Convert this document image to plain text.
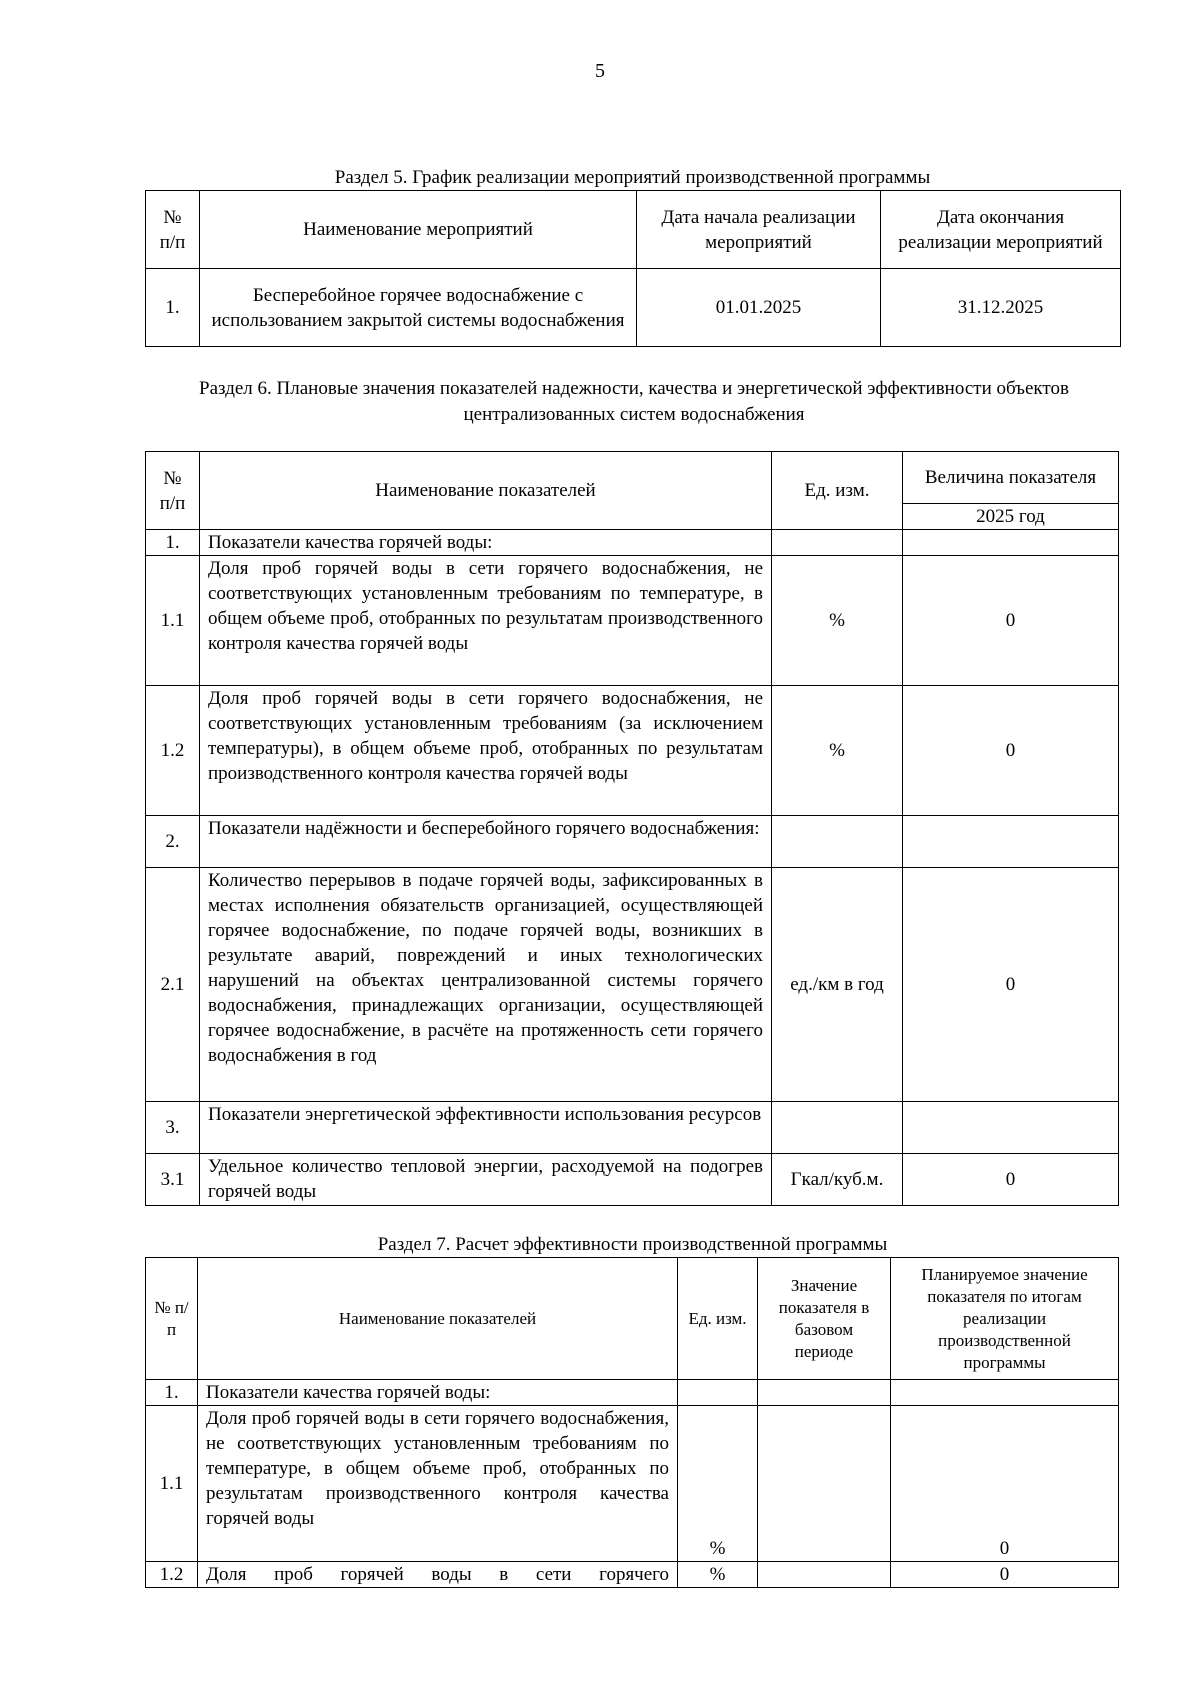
5
Раздел 5. График реализации мероприятий производственной программы
№ п/п	Наименование мероприятий	Дата начала реализации мероприятий	Дата окончания реализации мероприятий
1.	Бесперебойное горячее водоснабжение с использованием закрытой системы водоснабжения	01.01.2025	31.12.2025
Раздел 6. Плановые значения показателей надежности, качества и энергетической эффективности объектов централизованных систем водоснабжения
№ п/п	Наименование показателей	Ед. изм.	Величина показателя
			2025 год
1.	Показатели качества горячей воды:		
1.1	Доля проб горячей воды в сети горячего водоснабжения, не соответствующих установленным требованиям по температуре, в общем объеме проб, отобранных по результатам производственного контроля качества горячей воды	%	0
1.2	Доля проб горячей воды в сети горячего водоснабжения, не соответствующих установленным требованиям (за исключением температуры), в общем объеме проб, отобранных по результатам производственного контроля качества горячей воды	%	0
2.	Показатели надёжности и бесперебойного горячего водоснабжения:		
2.1	Количество перерывов в подаче горячей воды, зафиксированных в местах исполнения обязательств организацией, осуществляющей горячее водоснабжение, по подаче горячей воды, возникших в результате аварий, повреждений и иных технологических нарушений на объектах централизованной системы горячего водоснабжения, принадлежащих организации, осуществляющей горячее водоснабжение, в расчёте на протяженность сети горячего водоснабжения в год	ед./км в год	0
3.	Показатели энергетической эффективности использования ресурсов		
3.1	Удельное количество тепловой энергии, расходуемой на подогрев горячей воды	Гкал/куб.м.	0
Раздел 7. Расчет эффективности производственной программы
№ п/п	Наименование показателей	Ед. изм.	Значение показателя в базовом периоде	Планируемое значение показателя по итогам реализации производственной программы
1.	Показатели качества горячей воды:			
1.1	Доля проб горячей воды в сети горячего водоснабжения, не соответствующих установленным требованиям по температуре, в общем объеме проб, отобранных по результатам производственного контроля качества горячей воды	%		0
1.2	Доля проб горячей воды в сети горячего	%		0
